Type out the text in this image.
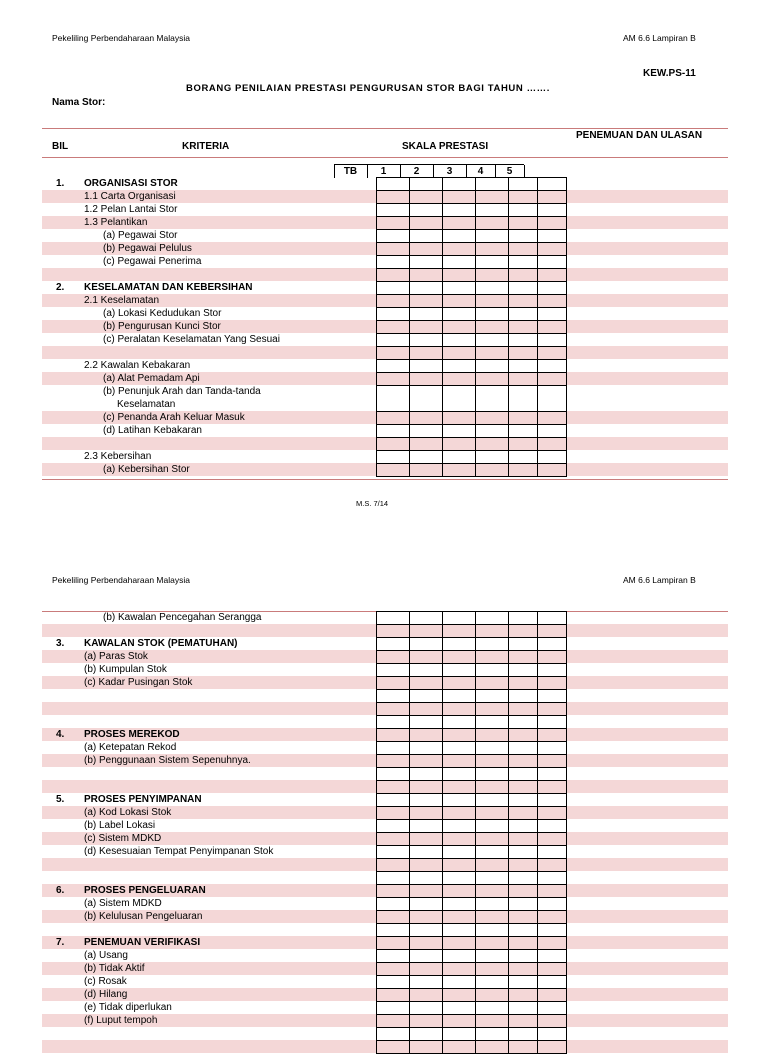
Pekeliling Perbendaharaan Malaysia	AM 6.6 Lampiran B
KEW.PS-11
BORANG PENILAIAN PRESTASI PENGURUSAN STOR BAGI TAHUN …….
Nama Stor:
PENEMUAN DAN ULASAN
BIL	KRITERIA	SKALA PRESTASI
TB	1	2	3	4	5
1. ORGANISASI STOR
1.1 Carta Organisasi
1.2 Pelan Lantai Stor
1.3 Pelantikan
(a) Pegawai Stor
(b) Pegawai Pelulus
(c) Pegawai Penerima
2. KESELAMATAN DAN KEBERSIHAN
2.1 Keselamatan
(a) Lokasi Kedudukan Stor
(b) Pengurusan Kunci Stor
(c) Peralatan Keselamatan Yang Sesuai
2.2 Kawalan Kebakaran
(a) Alat Pemadam Api
(b) Penunjuk Arah dan Tanda-tanda
Keselamatan
(c) Penanda Arah Keluar Masuk
(d) Latihan Kebakaran
2.3 Kebersihan
(a) Kebersihan Stor
M.S. 7/14
Pekeliling Perbendaharaan Malaysia	AM 6.6 Lampiran B
(b) Kawalan Pencegahan Serangga
3. KAWALAN STOK (PEMATUHAN)
(a) Paras Stok
(b) Kumpulan Stok
(c) Kadar Pusingan Stok
4. PROSES MEREKOD
(a) Ketepatan Rekod
(b) Penggunaan Sistem Sepenuhnya.
5. PROSES PENYIMPANAN
(a) Kod Lokasi Stok
(b) Label Lokasi
(c) Sistem MDKD
(d) Kesesuaian Tempat Penyimpanan Stok
6. PROSES PENGELUARAN
(a) Sistem MDKD
(b) Kelulusan Pengeluaran
7. PENEMUAN VERIFIKASI
(a) Usang
(b) Tidak Aktif
(c) Rosak
(d) Hilang
(e) Tidak diperlukan
(f) Luput tempoh
